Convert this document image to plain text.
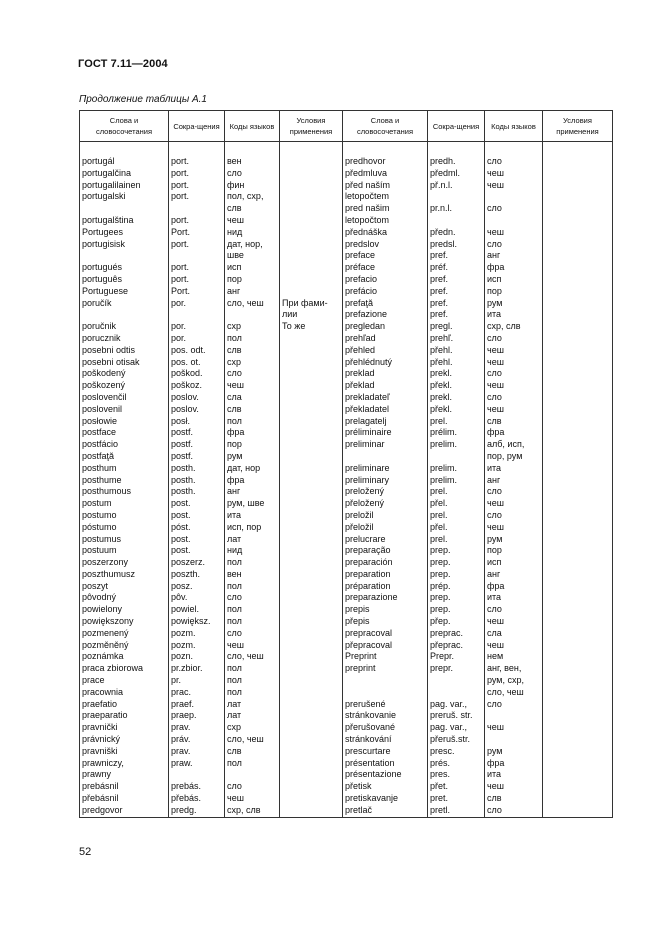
ГОСТ 7.11—2004
Продолжение таблицы А.1
Слова и словосочетания	Сокра-щения	Коды языков	Условия применения	Слова и словосочетания	Сокра-щения	Коды языков	Условия применения

portugál	port.	вен		predhovor	predh.	сло	
portugalčina	port.	сло		předmluva	předml.	чеш	
portugalilainen	port.	фин		před naším	př.n.l.	чеш	
portugalski	port.	пол, схр,		letopočtem			
		слв		pred našim	pr.n.l.	сло	
portugalština	port.	чеш		letopočtom			
Portugees	Port.	нид		přednáška	předn.	чеш	
portugisisk	port.	дат, нор,		predslov	predsl.	сло	
		шве		preface	pref.	анг	
portugués	port.	исп		préface	préf.	фра	
português	port.	пор		prefacio	pref.	исп	
Portuguese	Port.	анг		prefácio	pref.	пор	
poručík	por.	сло, чеш	При фами-	prefaţă	pref.	рум	
			лии	prefazione	pref.	ита	
poručnik	por.	схр	То же	pregledan	pregl.	схр, слв	
porucznik	por.	пол		prehľad	prehľ.	сло	
posebni odtis	pos. odt.	слв		přehled	přehl.	чеш	
posebni otisak	pos. ot.	схр		přehlédnutý	přehl.	чеш	
poškodený	poškod.	сло		preklad	prekl.	сло	
poškozený	poškoz.	чеш		překlad	překl.	чеш	
poslovenčil	poslov.	сла		prekladateľ	prekl.	сло	
poslovenil	poslov.	слв		překladatel	překl.	чеш	
posłowie	posł.	пол		prelagatelj	prel.	слв	
postface	postf.	фра		préliminaire	prélim.	фра	
postfácio	postf.	пор		preliminar	prelim.	алб, исп,	
postfaţă	postf.	рум				пор, рум	
posthum	posth.	дат, нор		preliminare	prelim.	ита	
posthume	posth.	фра		preliminary	prelim.	анг	
posthumous	posth.	анг		preložený	prel.	сло	
postum	post.	рум, шве		přeložený	přel.	чеш	
postumo	post.	ита		preložil	prel.	сло	
póstumo	póst.	исп, пор		přeložil	přel.	чеш	
postumus	post.	лат		prelucrare	prel.	рум	
postuum	post.	нид		preparação	prep.	пор	
poszerzony	poszerz.	пол		preparación	prep.	исп	
poszthumusz	poszth.	вен		preparation	prep.	анг	
poszyt	posz.	пол		préparation	prép.	фра	
pôvodný	pôv.	сло		preparazione	prep.	ита	
powielony	powiel.	пол		prepis	prep.	сло	
powiększony	powiększ.	пол		přepis	přep.	чеш	
pozmenený	pozm.	сло		prepracoval	preprac.	сла	
pozměněný	pozm.	чеш		přepracoval	přeprac.	чеш	
poznámka	pozn.	сло, чеш		Preprint	Prepr.	нем	
praca zbiorowa	pr.zbior.	пол		preprint	prepr.	анг, вен,	
prace	pr.	пол				рум, схр,	
pracownia	prac.	пол				сло, чеш	
praefatio	praef.	лат		prerušené	pag. var.,	сло	
praeparatio	praep.	лат		stránkovanie	preruš. str.		
pravnički	prav.	схр		přerušované	pag. var.,	чеш	
právnický	práv.	сло, чеш		stránkování	přeruš.str.		
pravniški	prav.	слв		prescurtare	presc.	рум	
prawniczy,	praw.	пол		présentation	prés.	фра	
prawny				présentazione	pres.	ита	
prebásnil	prebás.	сло		přetisk	přet.	чеш	
přebásnil	přebás.	чеш		pretiskavanje	pret.	слв	
predgovor	predg.	схр, слв		pretlač	pretl.	сло	
52
